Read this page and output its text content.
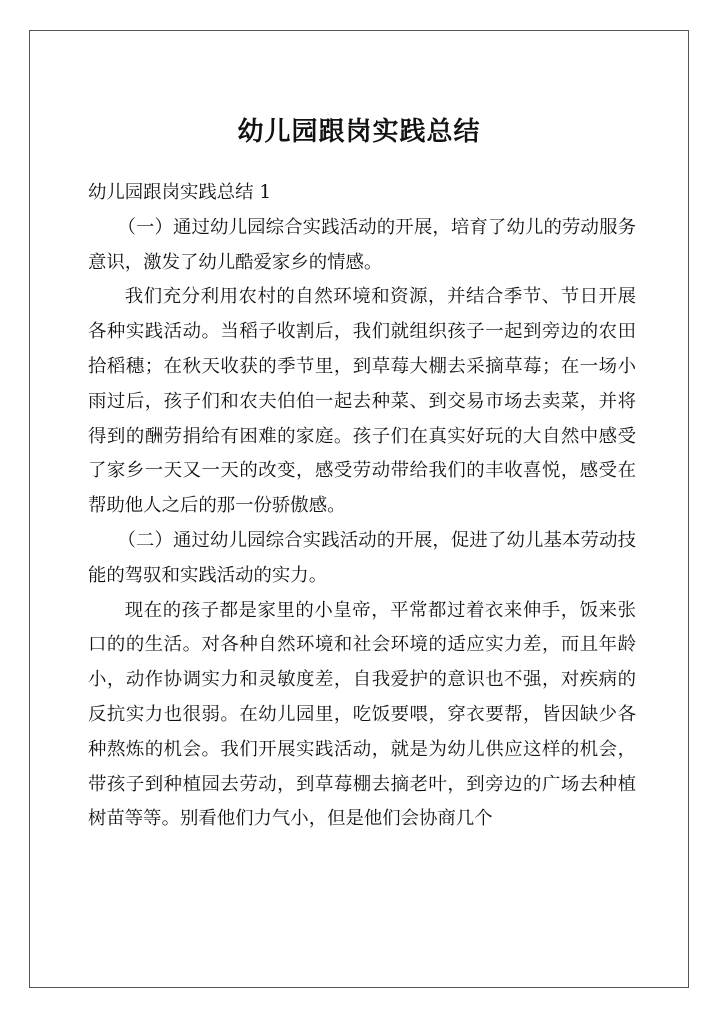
幼儿园跟岗实践总结
幼儿园跟岗实践总结 1

（一）通过幼儿园综合实践活动的开展，培育了幼儿的劳动服务意识，激发了幼儿酷爱家乡的情感。

我们充分利用农村的自然环境和资源，并结合季节、节日开展各种实践活动。当稻子收割后，我们就组织孩子一起到旁边的农田拾稻穗；在秋天收获的季节里，到草莓大棚去采摘草莓；在一场小雨过后，孩子们和农夫伯伯一起去种菜、到交易市场去卖菜，并将得到的酬劳捐给有困难的家庭。孩子们在真实好玩的大自然中感受了家乡一天又一天的改变，感受劳动带给我们的丰收喜悦，感受在帮助他人之后的那一份骄傲感。

（二）通过幼儿园综合实践活动的开展，促进了幼儿基本劳动技能的驾驭和实践活动的实力。

现在的孩子都是家里的小皇帝，平常都过着衣来伸手，饭来张口的的生活。对各种自然环境和社会环境的适应实力差，而且年龄小，动作协调实力和灵敏度差，自我爱护的意识也不强，对疾病的反抗实力也很弱。在幼儿园里，吃饭要喂，穿衣要帮，皆因缺少各种熬炼的机会。我们开展实践活动，就是为幼儿供应这样的机会，带孩子到种植园去劳动，到草莓棚去摘老叶，到旁边的广场去种植树苗等等。别看他们力气小，但是他们会协商几个
